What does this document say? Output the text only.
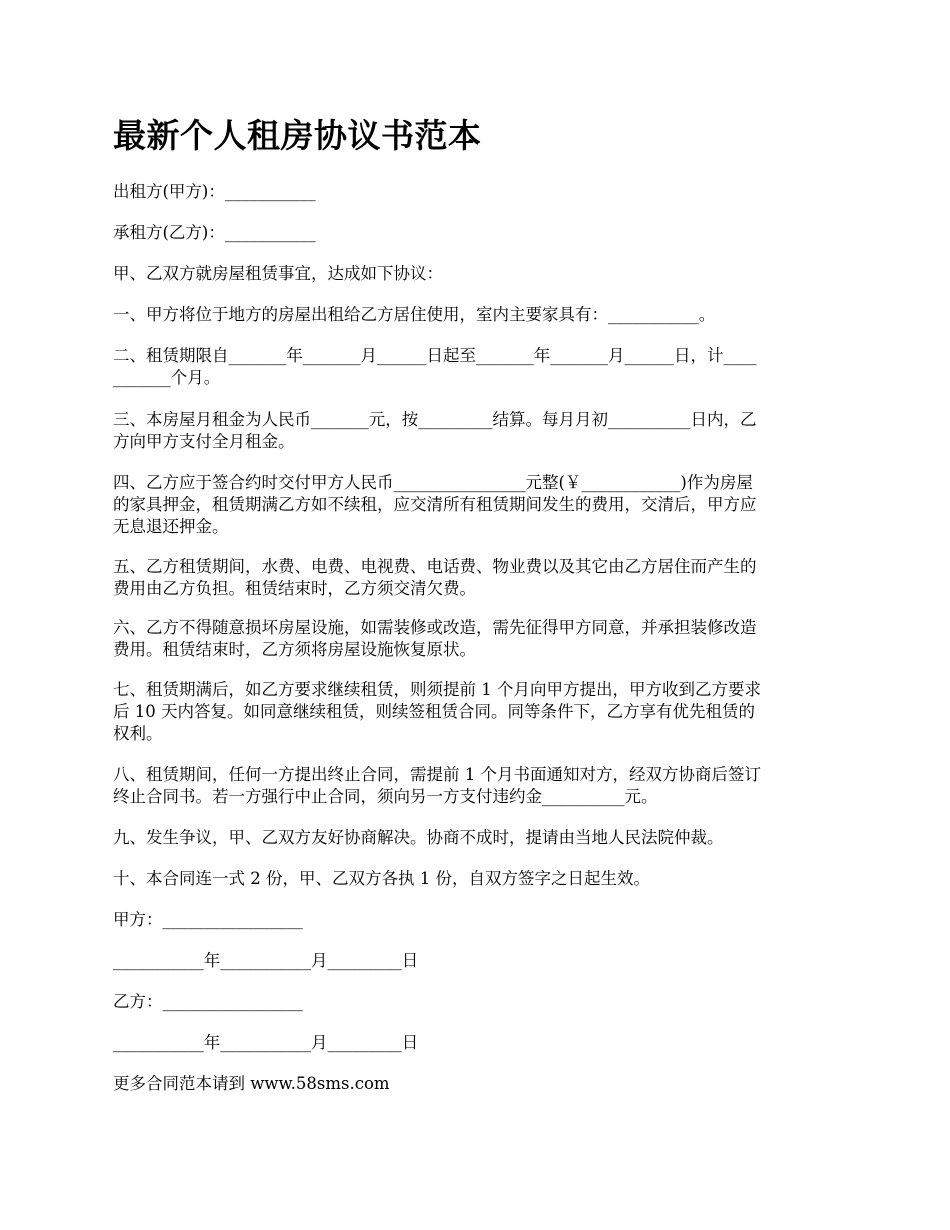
最新个人租房协议书范本
出租方(甲方)：___________
承租方(乙方)：___________
甲、乙双方就房屋租赁事宜，达成如下协议：
一、甲方将位于地方的房屋出租给乙方居住使用，室内主要家具有：___________。
二、租赁期限自_______年_______月______日起至_______年_______月______日，计____
_______个月。
三、本房屋月租金为人民币_______元，按_________结算。每月月初__________日内，乙
方向甲方支付全月租金。
四、乙方应于签合约时交付甲方人民币________________元整(￥____________)作为房屋
的家具押金，租赁期满乙方如不续租，应交清所有租赁期间发生的费用，交清后，甲方应
无息退还押金。
五、乙方租赁期间，水费、电费、电视费、电话费、物业费以及其它由乙方居住而产生的
费用由乙方负担。租赁结束时，乙方须交清欠费。
六、乙方不得随意损坏房屋设施，如需装修或改造，需先征得甲方同意，并承担装修改造
费用。租赁结束时，乙方须将房屋设施恢复原状。
七、租赁期满后，如乙方要求继续租赁，则须提前 1 个月向甲方提出，甲方收到乙方要求
后 10 天内答复。如同意继续租赁，则续签租赁合同。同等条件下，乙方享有优先租赁的
权利。
八、租赁期间，任何一方提出终止合同，需提前 1 个月书面通知对方，经双方协商后签订
终止合同书。若一方强行中止合同，须向另一方支付违约金__________元。
九、发生争议，甲、乙双方友好协商解决。协商不成时，提请由当地人民法院仲裁。
十、本合同连一式 2 份，甲、乙双方各执 1 份，自双方签字之日起生效。
甲方：_________________
___________年___________月_________日
乙方：_________________
___________年___________月_________日
更多合同范本请到 www.58sms.com
